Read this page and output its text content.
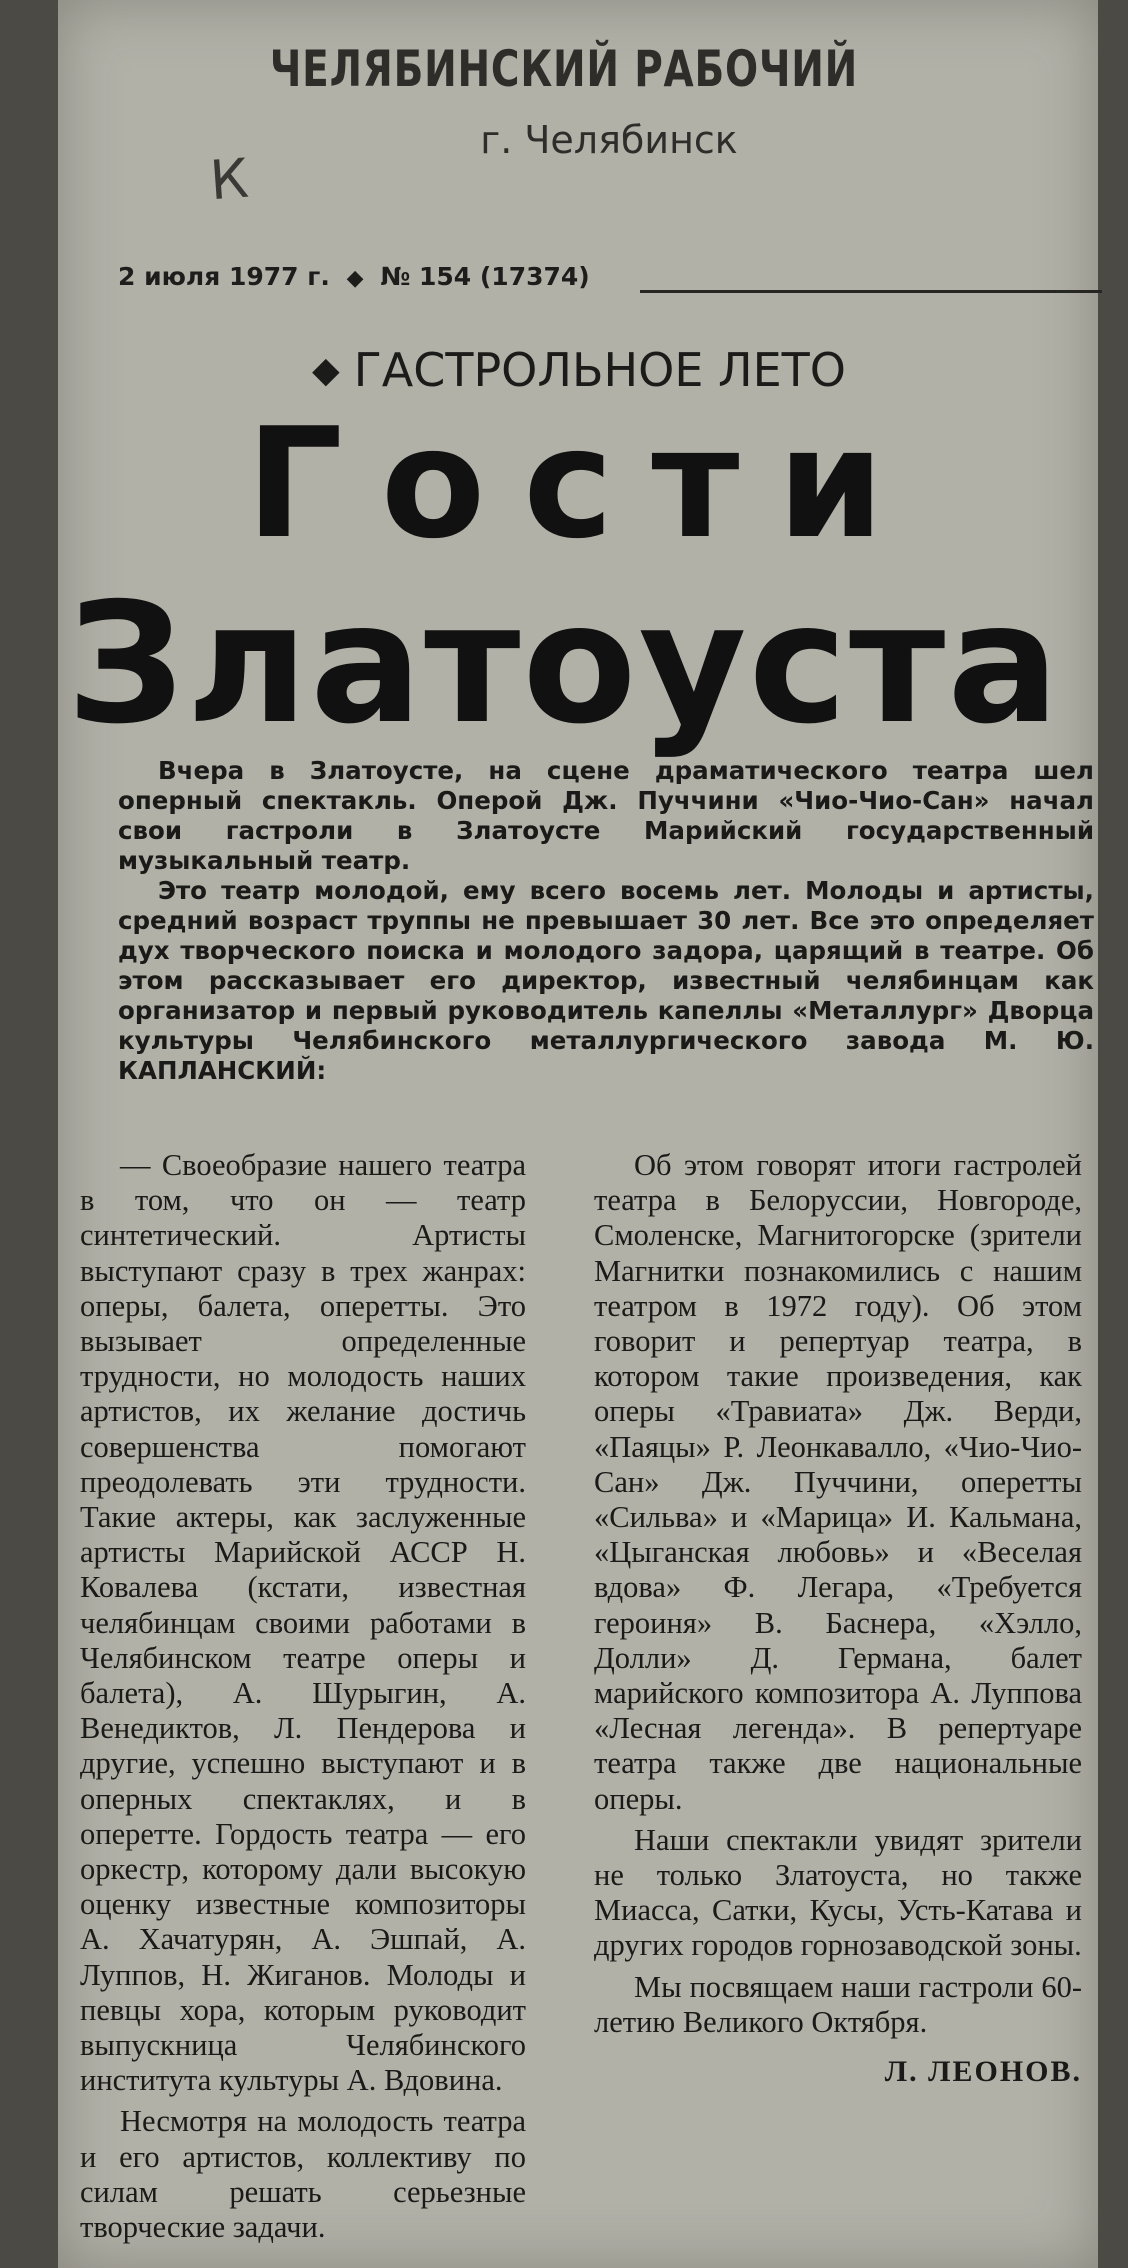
ЧЕЛЯБИНСКИЙ РАБОЧИЙ
г. Челябинск
К
2 июля 1977 г. ◆ № 154 (17374)
◆ ГАСТРОЛЬНОЕ ЛЕТО
Гости
Златоуста

Вчера в Златоусте, на сцене драматического театра шел оперный спектакль. Оперой Дж. Пуччини «Чио-Чио-Сан» начал свои гастроли в Златоусте Марийский государственный музыкальный театр.

Это театр молодой, ему всего восемь лет. Молоды и артисты, средний возраст труппы не превышает 30 лет. Все это определяет дух творческого поиска и молодого задора, царящий в театре. Об этом рассказывает его директор, известный челябинцам как организатор и первый руководитель капеллы «Металлург» Дворца культуры Челябинского металлургического завода М. Ю. КАПЛАНСКИЙ:

— Своеобразие нашего театра в том, что он — театр синтетический. Артисты выступают сразу в трех жанрах: оперы, балета, оперетты. Это вызывает определенные трудности, но молодость наших артистов, их желание достичь совершенства помогают преодолевать эти трудности. Такие актеры, как заслуженные артисты Марийской АССР Н. Ковалева (кстати, известная челябинцам своими работами в Челябинском театре оперы и балета), А. Шурыгин, А. Венедиктов, Л. Пендерова и другие, успешно выступают и в оперных спектаклях, и в оперетте. Гордость театра — его оркестр, которому дали высокую оценку известные композиторы А. Хачатурян, А. Эшпай, А. Луппов, Н. Жиганов. Молоды и певцы хора, которым руководит выпускница Челябинского института культуры А. Вдовина.

Несмотря на молодость театра и его артистов, коллективу по силам решать серьезные творческие задачи.

Об этом говорят итоги гастролей театра в Белоруссии, Новгороде, Смоленске, Магнитогорске (зрители Магнитки познакомились с нашим театром в 1972 году). Об этом говорит и репертуар театра, в котором такие произведения, как оперы «Травиата» Дж. Верди, «Паяцы» Р. Леонкавалло, «Чио-Чио-Сан» Дж. Пуччини, оперетты «Сильва» и «Марица» И. Кальмана, «Цыганская любовь» и «Веселая вдова» Ф. Легара, «Требуется героиня» В. Баснера, «Хэлло, Долли» Д. Германа, балет марийского композитора А. Луппова «Лесная легенда». В репертуаре театра также две национальные оперы.

Наши спектакли увидят зрители не только Златоуста, но также Миасса, Сатки, Кусы, Усть-Катава и других городов горнозаводской зоны.

Мы посвящаем наши гастроли 60-летию Великого Октября.

Л. ЛЕОНОВ.
